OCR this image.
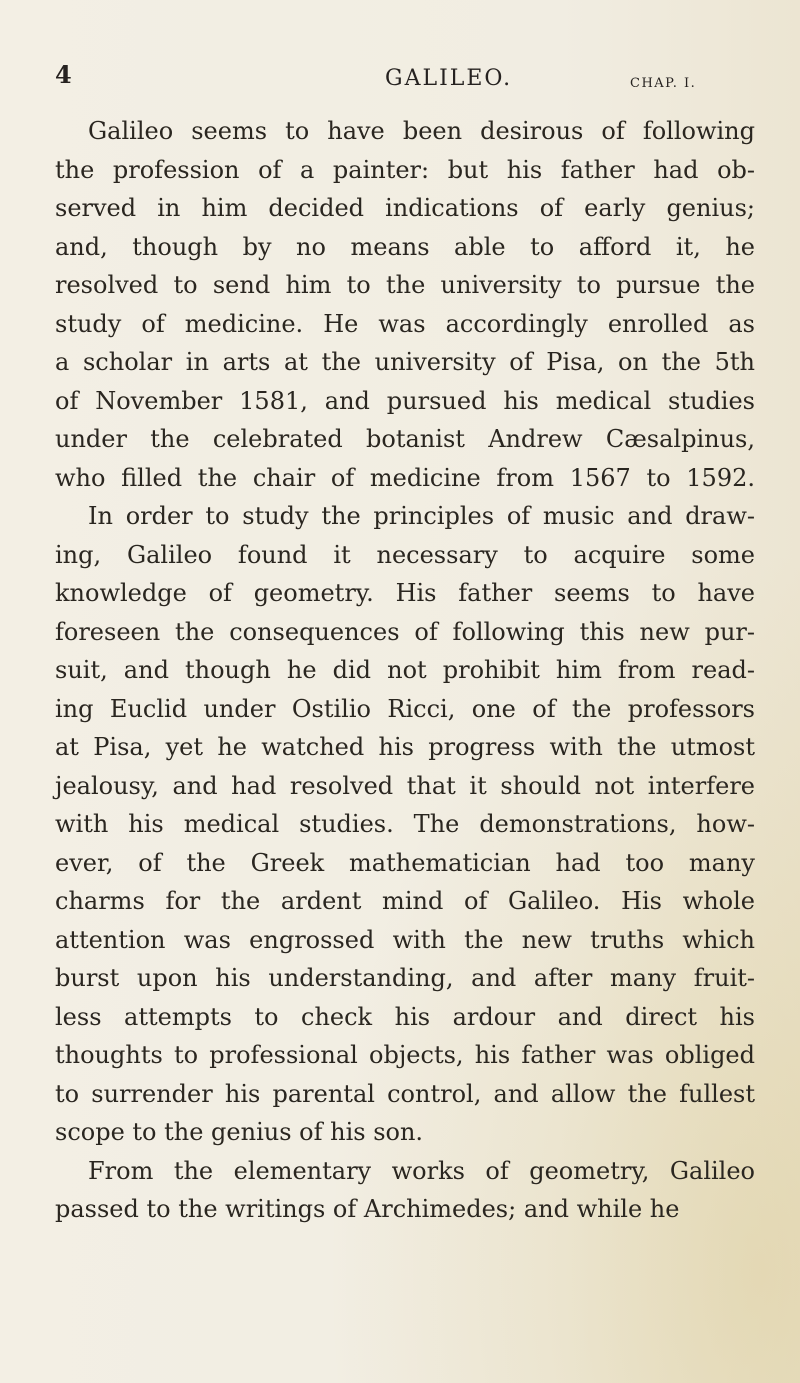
4	GALILEO.	CHAP. I.
Galileo seems to have been desirous of following
the profession of a painter: but his father had ob-
served in him decided indications of early genius;
and, though by no means able to afford it, he
resolved to send him to the university to pursue the
study of medicine. He was accordingly enrolled as
a scholar in arts at the university of Pisa, on the 5th
of November 1581, and pursued his medical studies
under the celebrated botanist Andrew Cæsalpinus,
who filled the chair of medicine from 1567 to 1592.
In order to study the principles of music and draw-
ing, Galileo found it necessary to acquire some
knowledge of geometry. His father seems to have
foreseen the consequences of following this new pur-
suit, and though he did not prohibit him from read-
ing Euclid under Ostilio Ricci, one of the professors
at Pisa, yet he watched his progress with the utmost
jealousy, and had resolved that it should not interfere
with his medical studies. The demonstrations, how-
ever, of the Greek mathematician had too many
charms for the ardent mind of Galileo. His whole
attention was engrossed with the new truths which
burst upon his understanding, and after many fruit-
less attempts to check his ardour and direct his
thoughts to professional objects, his father was obliged
to surrender his parental control, and allow the fullest
scope to the genius of his son.
From the elementary works of geometry, Galileo
passed to the writings of Archimedes; and while he
